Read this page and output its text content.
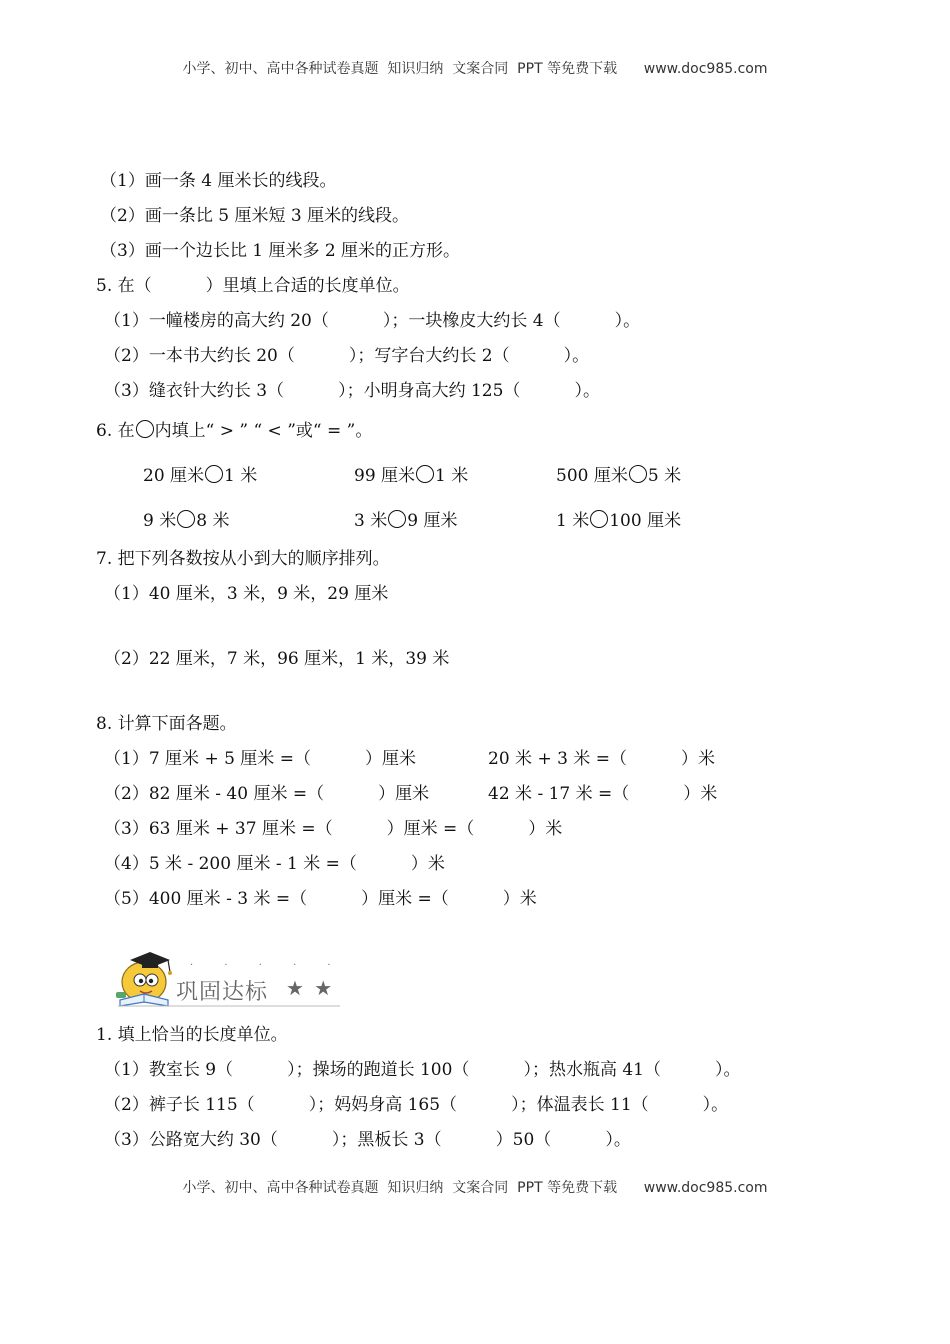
小学、初中、高中各种试卷真题  知识归纳  文案合同  PPT 等免费下载      www.doc985.com
（1）画一条 4 厘米长的线段。
（2）画一条比 5 厘米短 3 厘米的线段。
（3）画一个边长比 1 厘米多 2 厘米的正方形。
5. 在（          ）里填上合适的长度单位。
（1）一幢楼房的高大约 20（          ）；一块橡皮大约长 4（          ）。
（2）一本书大约长 20（          ）；写字台大约长 2（          ）。
（3）缝衣针大约长 3（          ）；小明身高大约 125（          ）。
6. 在 内填上“ > ” “ < ”或“ = ”。
20 厘米 1 米	99 厘米 1 米	500 厘米 5 米
9 米 8 米	3 米 9 厘米	1 米 100 厘米
7. 把下列各数按从小到大的顺序排列。
（1）40 厘米，3 米，9 米，29 厘米
（2）22 厘米，7 米，96 厘米，1 米，39 米
8. 计算下面各题。
（1）7 厘米 + 5 厘米 =（          ）厘米	20 米 + 3 米 =（          ）米
（2）82 厘米 - 40 厘米 =（          ）厘米	42 米 - 17 米 =（          ）米
（3）63 厘米 + 37 厘米 =（          ）厘米 =（          ）米
（4）5 米 - 200 厘米 - 1 米 =（          ）米
（5）400 厘米 - 3 米 =（          ）厘米 =（          ）米
· · · · ·
巩固达标 ★ ★
1. 填上恰当的长度单位。
（1）教室长 9（          ）；操场的跑道长 100（          ）；热水瓶高 41（          ）。
（2）裤子长 115（          ）；妈妈身高 165（          ）；体温表长 11（          ）。
（3）公路宽大约 30（          ）；黑板长 3（          ）50（          ）。
小学、初中、高中各种试卷真题  知识归纳  文案合同  PPT 等免费下载      www.doc985.com
